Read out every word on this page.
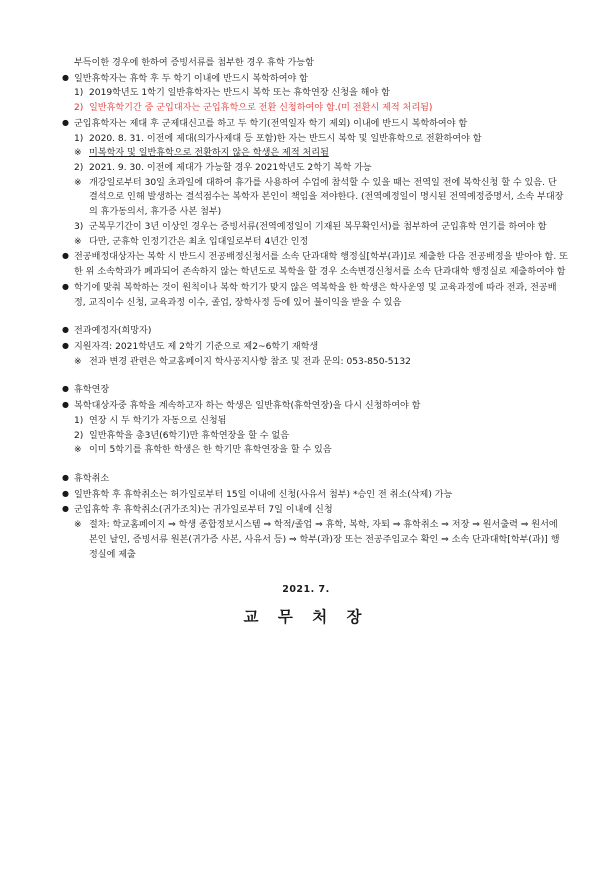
부득이한 경우에 한하여 증빙서류를 첨부한 경우 휴학 가능함
● 일반휴학자는 휴학 후 두 학기 이내에 반드시 복학하여야 함
1) 2019학년도 1학기 일반휴학자는 반드시 복학 또는 휴학연장 신청을 해야 함
2) 일반휴학기간 중 군입대자는 군입휴학으로 전환 신청하여야 함.(미 전환시 제적 처리됨)
● 군입휴학자는 제대 후 군제대신고를 하고 두 학기(전역일자 학기 제외) 이내에 반드시 복학하여야 함
1) 2020. 8. 31. 이전에 제대(의가사제대 등 포함)한 자는 반드시 복학 및 일반휴학으로 전환하여야 함
※ 미복학자 및 일반휴학으로 전환하지 않은 학생은 제적 처리됨
2) 2021. 9. 30. 이전에 제대가 가능할 경우 2021학년도 2학기 복학 가능
※ 개강일로부터 30일 초과일에 대하여 휴가를 사용하여 수업에 참석할 수 있을 때는 전역일 전에 복학신청 할 수 있음. 단 결석으로 인해 발생하는 결석점수는 복학자 본인이 책임을 져야한다. (전역예정일이 명시된 전역예정증명서, 소속 부대장의 휴가동의서, 휴가증 사본 첨부)
3) 군복무기간이 3년 이상인 경우는 증빙서류(전역예정일이 기재된 복무확인서)를 첨부하여 군입휴학 연기를 하여야 함
※ 다만, 군휴학 인정기간은 최초 입대일로부터 4년간 인정
● 전공배정대상자는 복학 시 반드시 전공배정신청서를 소속 단과대학 행정실[학부(과)]로 제출한 다음 전공배정을 받아야 함. 또한 위 소속학과가 폐과되어 존속하지 않는 학년도로 복학을 할 경우 소속변경신청서를 소속 단과대학 행정실로 제출하여야 함
● 학기에 맞춰 복학하는 것이 원칙이나 복학 학기가 맞지 않은 역복학을 한 학생은 학사운영 및 교육과정에 따라 전과, 전공배정, 교직이수 신청, 교육과정 이수, 졸업, 장학사정 등에 있어 불이익을 받을 수 있음
● 전과예정자(희망자)
● 지원자격: 2021학년도 제 2학기 기준으로 제2~6학기 재학생
※ 전과 변경 관련은 학교홈페이지 학사공지사항 참조 및 전과 문의: 053-850-5132
● 휴학연장
● 복학대상자중 휴학을 계속하고자 하는 학생은 일반휴학(휴학연장)을 다시 신청하여야 함
1) 연장 시 두 학기가 자동으로 신청됨
2) 일반휴학을 총3년(6학기)만 휴학연장을 할 수 없음
※ 이미 5학기를 휴학한 학생은 한 학기만 휴학연장을 할 수 있음
● 휴학취소
● 일반휴학 후 휴학취소는 허가일로부터 15일 이내에 신청(사유서 첨부) *승인 전 취소(삭제) 가능
● 군입휴학 후 휴학취소(귀가조치)는 귀가일로부터 7일 이내에 신청
※ 절차: 학교홈페이지 ⇒ 학생 종합정보시스템 ⇒ 학적/졸업 ⇒ 휴학, 복학, 자퇴 ⇒ 휴학취소 ⇒ 저장 ⇒ 원서출력 ⇒ 원서에 본인 날인, 증빙서류 원본(귀가증 사본, 사유서 등) ⇒ 학부(과)장 또는 전공주임교수 확인 ⇒ 소속 단과대학[학부(과)] 행정실에 제출
2021. 7.
교 무 처 장
